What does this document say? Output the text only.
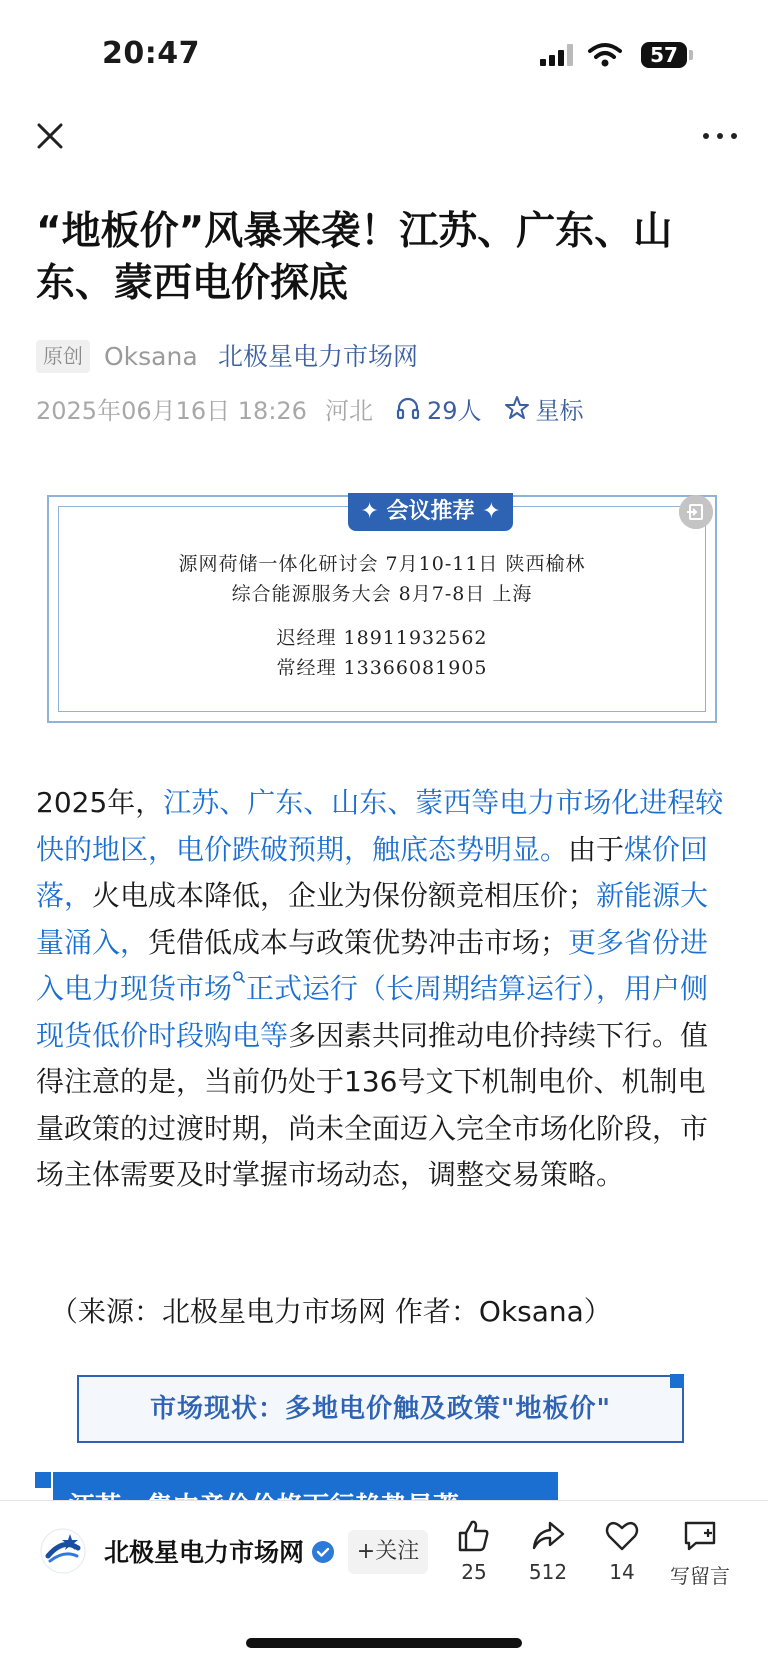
20:47	57
“地板价”风暴来袭！江苏、广东、山东、蒙西电价探底
原创 Oksana 北极星电力市场网
2025年06月16日 18:26 河北 29人 星标
✦ 会议推荐 ✦
源网荷储一体化研讨会 7月10-11日 陕西榆林
综合能源服务大会 8月7-8日 上海
迟经理 18911932562
常经理 13366081905
2025年，江苏、广东、山东、蒙西等电力市场化进程较快的地区，电价跌破预期，触底态势明显。由于煤价回落，火电成本降低，企业为保份额竞相压价；新能源大量涌入，凭借低成本与政策优势冲击市场；更多省份进入电力现货市场 正式运行（长周期结算运行），用户侧现货低价时段购电等多因素共同推动电价持续下行。值得注意的是，当前仍处于136号文下机制电价、机制电量政策的过渡时期，尚未全面迈入完全市场化阶段，市场主体需要及时掌握市场动态，调整交易策略。
（来源：北极星电力市场网 作者：Oksana）
市场现状：多地电价触及政策"地板价"
北极星电力市场网	+关注
25	512	14	写留言
